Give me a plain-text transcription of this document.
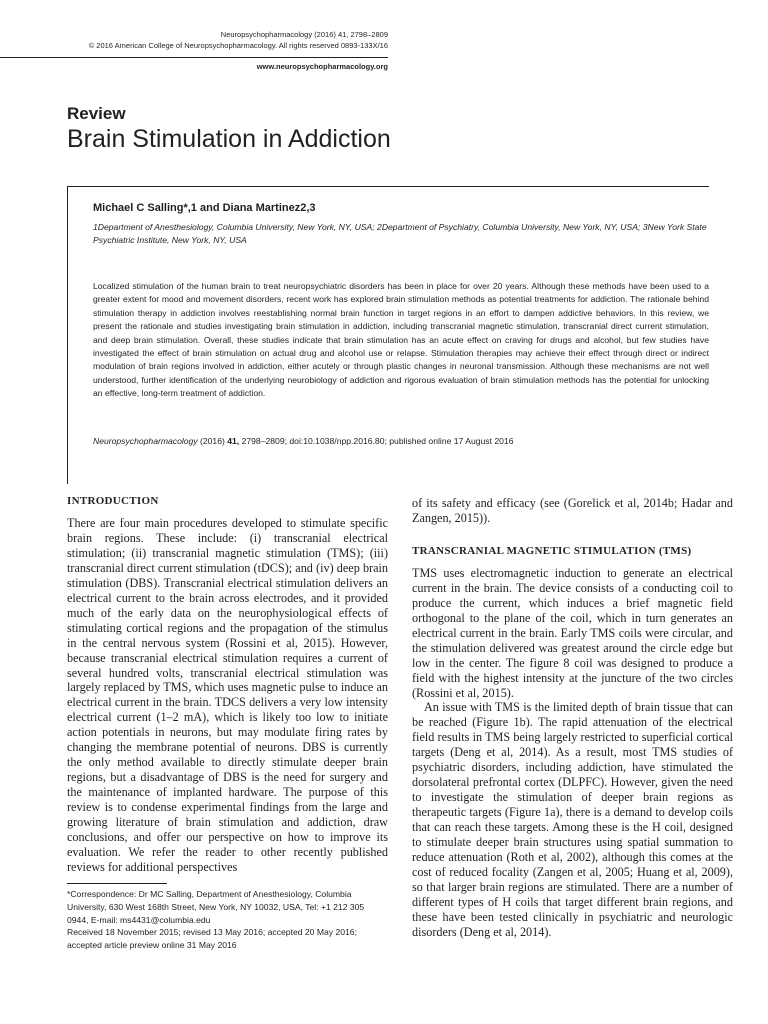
Neuropsychopharmacology (2016) 41, 2798–2809
© 2016 American College of Neuropsychopharmacology. All rights reserved 0893-133X/16
www.neuropsychopharmacology.org
Review
Brain Stimulation in Addiction
Michael C Salling*,1 and Diana Martinez2,3
1Department of Anesthesiology, Columbia University, New York, NY, USA; 2Department of Psychiatry, Columbia University, New York, NY, USA; 3New York State Psychiatric Institute, New York, NY, USA
Localized stimulation of the human brain to treat neuropsychiatric disorders has been in place for over 20 years. Although these methods have been used to a greater extent for mood and movement disorders, recent work has explored brain stimulation methods as potential treatments for addiction. The rationale behind stimulation therapy in addiction involves reestablishing normal brain function in target regions in an effort to dampen addictive behaviors. In this review, we present the rationale and studies investigating brain stimulation in addiction, including transcranial magnetic stimulation, transcranial direct current stimulation, and deep brain stimulation. Overall, these studies indicate that brain stimulation has an acute effect on craving for drugs and alcohol, but few studies have investigated the effect of brain stimulation on actual drug and alcohol use or relapse. Stimulation therapies may achieve their effect through direct or indirect modulation of brain regions involved in addiction, either acutely or through plastic changes in neuronal transmission. Although these mechanisms are not well understood, further identification of the underlying neurobiology of addiction and rigorous evaluation of brain stimulation methods has the potential for unlocking an effective, long-term treatment of addiction.
Neuropsychopharmacology (2016) 41, 2798–2809; doi:10.1038/npp.2016.80; published online 17 August 2016
INTRODUCTION

There are four main procedures developed to stimulate specific brain regions. These include: (i) transcranial electrical stimulation; (ii) transcranial magnetic stimulation (TMS); (iii) transcranial direct current stimulation (tDCS); and (iv) deep brain stimulation (DBS). Transcranial electrical stimulation delivers an electrical current to the brain across electrodes, and it provided much of the early data on the neurophysiological effects of stimulating cortical regions and the propagation of the stimulus in the central nervous system (Rossini et al, 2015). However, because transcranial electrical stimulation requires a current of several hundred volts, transcranial electrical stimulation was largely replaced by TMS, which uses magnetic pulse to induce an electrical current in the brain. TDCS delivers a very low intensity electrical current (1–2 mA), which is likely too low to initiate action potentials in neurons, but may modulate firing rates by changing the membrane potential of neurons. DBS is currently the only method available to directly stimulate deeper brain regions, but a disadvantage of DBS is the need for surgery and the maintenance of implanted hardware. The purpose of this review is to condense experimental findings from the large and growing literature of brain stimulation and addiction, draw conclusions, and offer our perspective on how to improve its evaluation. We refer the reader to other recently published reviews for additional perspectives

of its safety and efficacy (see (Gorelick et al, 2014b; Hadar and Zangen, 2015)).

TRANSCRANIAL MAGNETIC STIMULATION (TMS)

TMS uses electromagnetic induction to generate an electrical current in the brain. The device consists of a conducting coil to produce the current, which induces a brief magnetic field orthogonal to the plane of the coil, which in turn generates an electrical current in the brain. Early TMS coils were circular, and the stimulation delivered was greatest around the circle edge but low in the center. The figure 8 coil was designed to produce a field with the highest intensity at the juncture of the two circles (Rossini et al, 2015).

An issue with TMS is the limited depth of brain tissue that can be reached (Figure 1b). The rapid attenuation of the electrical field results in TMS being largely restricted to superficial cortical targets (Deng et al, 2014). As a result, most TMS studies of psychiatric disorders, including addiction, have stimulated the dorsolateral prefrontal cortex (DLPFC). However, given the need to investigate the stimulation of deeper brain regions as therapeutic targets (Figure 1a), there is a demand to develop coils that can reach these targets. Among these is the H coil, designed to stimulate deeper brain structures using spatial summation to reduce attenuation (Roth et al, 2002), although this comes at the cost of reduced focality (Zangen et al, 2005; Huang et al, 2009), so that larger brain regions are stimulated. There are a number of different types of H coils that target different brain regions, and these have been tested clinically in psychiatric and neurologic disorders (Deng et al, 2014).

*Correspondence: Dr MC Salling, Department of Anesthesiology, Columbia University, 630 West 168th Street, New York, NY 10032, USA, Tel: +1 212 305 0944, E-mail: ms4431@columbia.edu
Received 18 November 2015; revised 13 May 2016; accepted 20 May 2016; accepted article preview online 31 May 2016
